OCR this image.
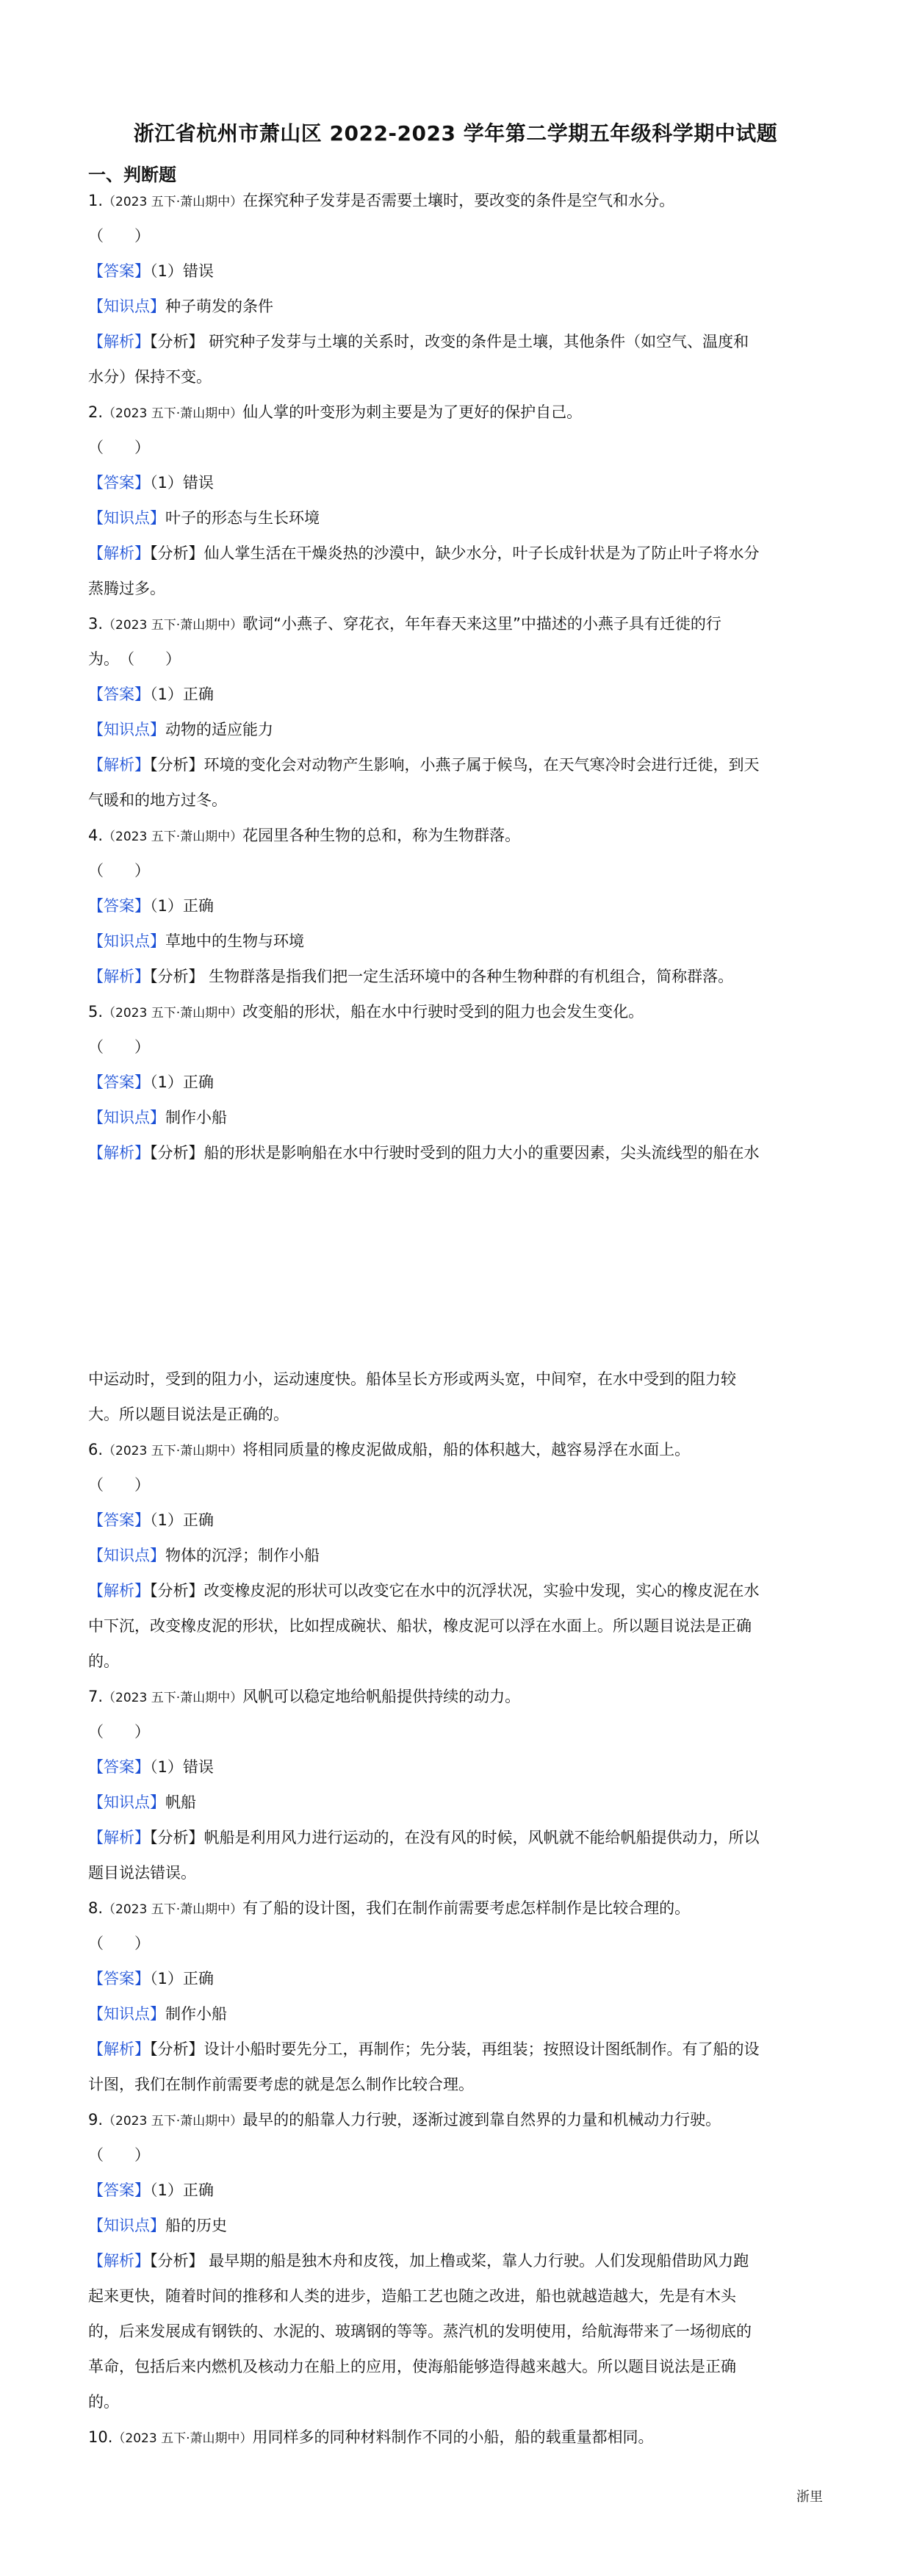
浙江省杭州市萧山区 2022-2023 学年第二学期五年级科学期中试题
一、判断题
1.（2023 五下·萧山期中）在探究种子发芽是否需要土壤时，要改变的条件是空气和水分。
（　　）
【答案】（1）错误
【知识点】种子萌发的条件
【解析】【分析】 研究种子发芽与土壤的关系时，改变的条件是土壤，其他条件（如空气、温度和
水分）保持不变。
2.（2023 五下·萧山期中）仙人掌的叶变形为刺主要是为了更好的保护自己。
（　　）
【答案】（1）错误
【知识点】叶子的形态与生长环境
【解析】【分析】仙人掌生活在干燥炎热的沙漠中，缺少水分，叶子长成针状是为了防止叶子将水分
蒸腾过多。
3.（2023 五下·萧山期中）歌词“小燕子、穿花衣，年年春天来这里”中描述的小燕子具有迁徙的行
为。　（　　）
【答案】（1）正确
【知识点】动物的适应能力
【解析】【分析】环境的变化会对动物产生影响，小燕子属于候鸟，在天气寒冷时会进行迁徙，到天
气暖和的地方过冬。
4.（2023 五下·萧山期中）花园里各种生物的总和，称为生物群落。
（　　）
【答案】（1）正确
【知识点】草地中的生物与环境
【解析】【分析】 生物群落是指我们把一定生活环境中的各种生物种群的有机组合，简称群落。
5.（2023 五下·萧山期中）改变船的形状，船在水中行驶时受到的阻力也会发生变化。
（　　）
【答案】（1）正确
【知识点】制作小船
【解析】【分析】船的形状是影响船在水中行驶时受到的阻力大小的重要因素，尖头流线型的船在水
中运动时，受到的阻力小，运动速度快。船体呈长方形或两头宽，中间窄，在水中受到的阻力较
大。所以题目说法是正确的。
6.（2023 五下·萧山期中）将相同质量的橡皮泥做成船，船的体积越大，越容易浮在水面上。
（　　）
【答案】（1）正确
【知识点】物体的沉浮；制作小船
【解析】【分析】改变橡皮泥的形状可以改变它在水中的沉浮状况，实验中发现，实心的橡皮泥在水
中下沉，改变橡皮泥的形状，比如捏成碗状、船状，橡皮泥可以浮在水面上。所以题目说法是正确
的。
7.（2023 五下·萧山期中）风帆可以稳定地给帆船提供持续的动力。
（　　）
【答案】（1）错误
【知识点】帆船
【解析】【分析】帆船是利用风力进行运动的，在没有风的时候，风帆就不能给帆船提供动力，所以
题目说法错误。
8.（2023 五下·萧山期中）有了船的设计图，我们在制作前需要考虑怎样制作是比较合理的。
（　　）
【答案】（1）正确
【知识点】制作小船
【解析】【分析】设计小船时要先分工，再制作；先分装，再组装；按照设计图纸制作。有了船的设
计图，我们在制作前需要考虑的就是怎么制作比较合理。
9.（2023 五下·萧山期中）最早的的船靠人力行驶，逐渐过渡到靠自然界的力量和机械动力行驶。
（　　）
【答案】（1）正确
【知识点】船的历史
【解析】【分析】 最早期的船是独木舟和皮筏，加上橹或桨，靠人力行驶。人们发现船借助风力跑
起来更快，随着时间的推移和人类的进步，造船工艺也随之改进，船也就越造越大，先是有木头
的，后来发展成有钢铁的、水泥的、玻璃钢的等等。蒸汽机的发明使用，给航海带来了一场彻底的
革命，包括后来内燃机及核动力在船上的应用，使海船能够造得越来越大。所以题目说法是正确
的。
10.（2023 五下·萧山期中）用同样多的同种材料制作不同的小船，船的载重量都相同。
浙里
